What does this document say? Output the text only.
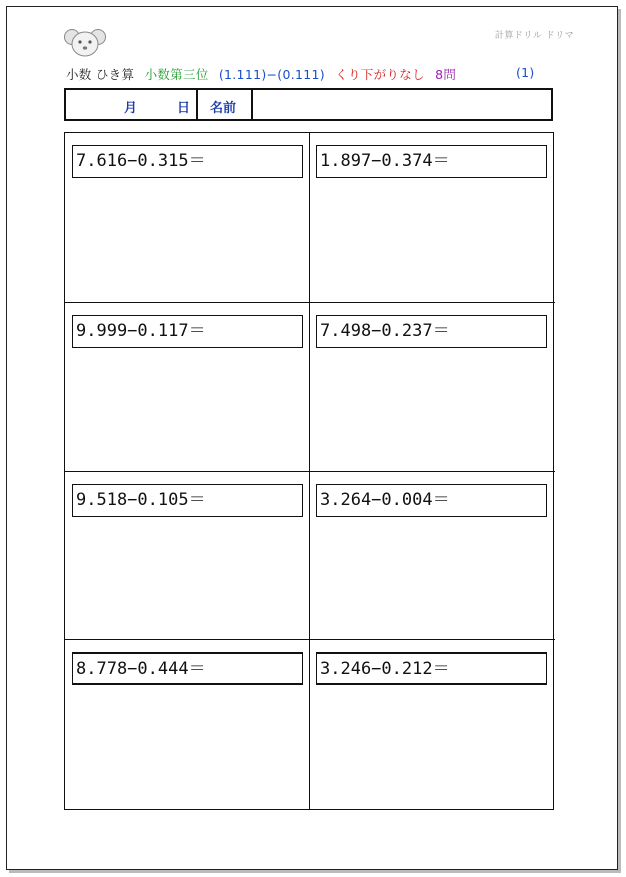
計算ドリル ドリマ
小数 ひき算 小数第三位 (1.111)−(0.111) くり下がりなし 8問	(1)
月	日 名前
7.616−0.315＝	1.897−0.374＝
9.999−0.117＝	7.498−0.237＝
9.518−0.105＝	3.264−0.004＝
8.778−0.444＝	3.246−0.212＝
